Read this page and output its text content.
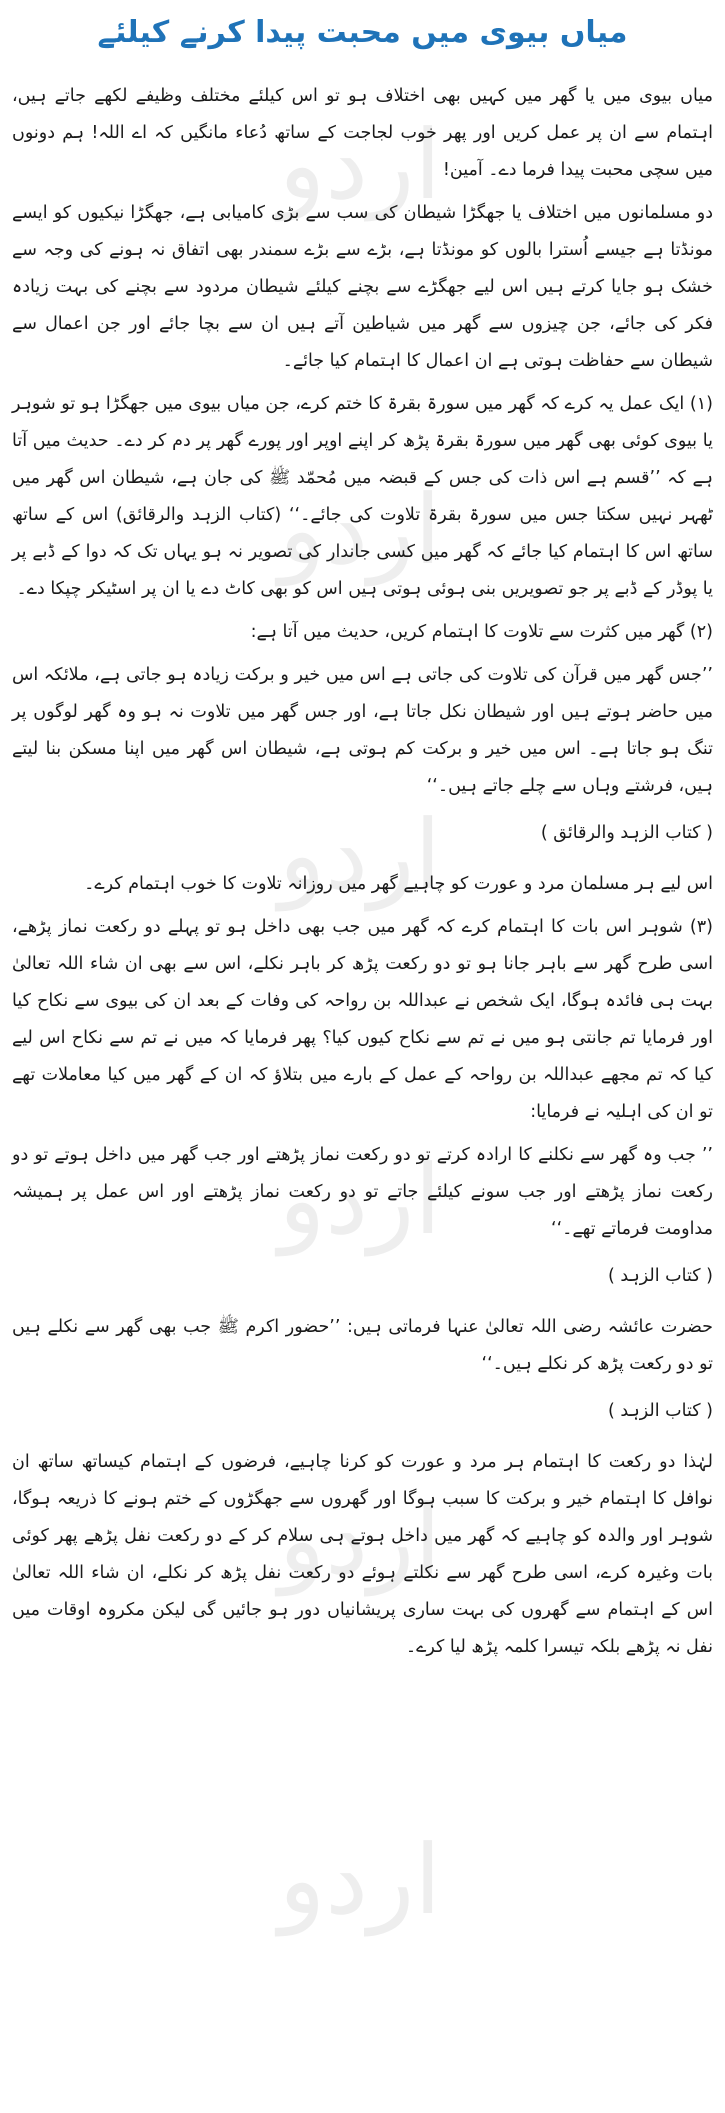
اردو
اردو
اردو
اردو
اردو
اردو
میاں بیوی میں محبت پیدا کرنے کیلئے

میاں بیوی میں یا گھر میں کہیں بھی اختلاف ہو تو اس کیلئے مختلف وظیفے لکھے جاتے ہیں، اہتمام سے ان پر عمل کریں اور پھر خوب لجاجت کے ساتھ دُعاء مانگیں کہ اے اللہ! ہم دونوں میں سچی محبت پیدا فرما دے۔ آمین!

دو مسلمانوں میں اختلاف یا جھگڑا شیطان کی سب سے بڑی کامیابی ہے، جھگڑا نیکیوں کو ایسے مونڈتا ہے جیسے اُسترا بالوں کو مونڈتا ہے، بڑے سے بڑے سمندر بھی اتفاق نہ ہونے کی وجہ سے خشک ہو جایا کرتے ہیں اس لیے جھگڑے سے بچنے کیلئے شیطان مردود سے بچنے کی بہت زیادہ فکر کی جائے، جن چیزوں سے گھر میں شیاطین آتے ہیں ان سے بچا جائے اور جن اعمال سے شیطان سے حفاظت ہوتی ہے ان اعمال کا اہتمام کیا جائے۔

(۱) ایک عمل یہ کرے کہ گھر میں سورۃ بقرۃ کا ختم کرے، جن میاں بیوی میں جھگڑا ہو تو شوہر یا بیوی کوئی بھی گھر میں سورۃ بقرۃ پڑھ کر اپنے اوپر اور پورے گھر پر دم کر دے۔ حدیث میں آتا ہے کہ ’’قسم ہے اس ذات کی جس کے قبضہ میں مُحمّد ﷺ کی جان ہے، شیطان اس گھر میں ٹھہر نہیں سکتا جس میں سورۃ بقرۃ تلاوت کی جائے۔‘‘ (کتاب الزہد والرقائق) اس کے ساتھ ساتھ اس کا اہتمام کیا جائے کہ گھر میں کسی جاندار کی تصویر نہ ہو یہاں تک کہ دوا کے ڈبے پر یا پوڈر کے ڈبے پر جو تصویریں بنی ہوئی ہوتی ہیں اس کو بھی کاٹ دے یا ان پر اسٹیکر چپکا دے۔

(۲) گھر میں کثرت سے تلاوت کا اہتمام کریں، حدیث میں آتا ہے:

’’جس گھر میں قرآن کی تلاوت کی جاتی ہے اس میں خیر و برکت زیادہ ہو جاتی ہے، ملائکہ اس میں حاضر ہوتے ہیں اور شیطان نکل جاتا ہے، اور جس گھر میں تلاوت نہ ہو وہ گھر لوگوں پر تنگ ہو جاتا ہے۔ اس میں خیر و برکت کم ہوتی ہے، شیطان اس گھر میں اپنا مسکن بنا لیتے ہیں، فرشتے وہاں سے چلے جاتے ہیں۔‘‘

( کتاب الزہد والرقائق )

اس لیے ہر مسلمان مرد و عورت کو چاہیے گھر میں روزانہ تلاوت کا خوب اہتمام کرے۔

(۳) شوہر اس بات کا اہتمام کرے کہ گھر میں جب بھی داخل ہو تو پہلے دو رکعت نماز پڑھے، اسی طرح گھر سے باہر جانا ہو تو دو رکعت پڑھ کر باہر نکلے، اس سے بھی ان شاء اللہ تعالیٰ بہت ہی فائدہ ہوگا، ایک شخص نے عبداللہ بن رواحہ کی وفات کے بعد ان کی بیوی سے نکاح کیا اور فرمایا تم جانتی ہو میں نے تم سے نکاح کیوں کیا؟ پھر فرمایا کہ میں نے تم سے نکاح اس لیے کیا کہ تم مجھے عبداللہ بن رواحہ کے عمل کے بارے میں بتلاؤ کہ ان کے گھر میں کیا معاملات تھے تو ان کی اہلیہ نے فرمایا:

’’ جب وہ گھر سے نکلنے کا ارادہ کرتے تو دو رکعت نماز پڑھتے اور جب گھر میں داخل ہوتے تو دو رکعت نماز پڑھتے اور جب سونے کیلئے جاتے تو دو رکعت نماز پڑھتے اور اس عمل پر ہمیشہ مداومت فرماتے تھے۔‘‘

( کتاب الزہد )

حضرت عائشہ رضی اللہ تعالیٰ عنہا فرماتی ہیں: ’’حضور اکرم ﷺ جب بھی گھر سے نکلے ہیں تو دو رکعت پڑھ کر نکلے ہیں۔‘‘

( کتاب الزہد )

لہٰذا دو رکعت کا اہتمام ہر مرد و عورت کو کرنا چاہیے، فرضوں کے اہتمام کیساتھ ساتھ ان نوافل کا اہتمام خیر و برکت کا سبب ہوگا اور گھروں سے جھگڑوں کے ختم ہونے کا ذریعہ ہوگا، شوہر اور والدہ کو چاہیے کہ گھر میں داخل ہوتے ہی سلام کر کے دو رکعت نفل پڑھے پھر کوئی بات وغیرہ کرے، اسی طرح گھر سے نکلتے ہوئے دو رکعت نفل پڑھ کر نکلے، ان شاء اللہ تعالیٰ اس کے اہتمام سے گھروں کی بہت ساری پریشانیاں دور ہو جائیں گی لیکن مکروہ اوقات میں نفل نہ پڑھے بلکہ تیسرا کلمہ پڑھ لیا کرے۔
